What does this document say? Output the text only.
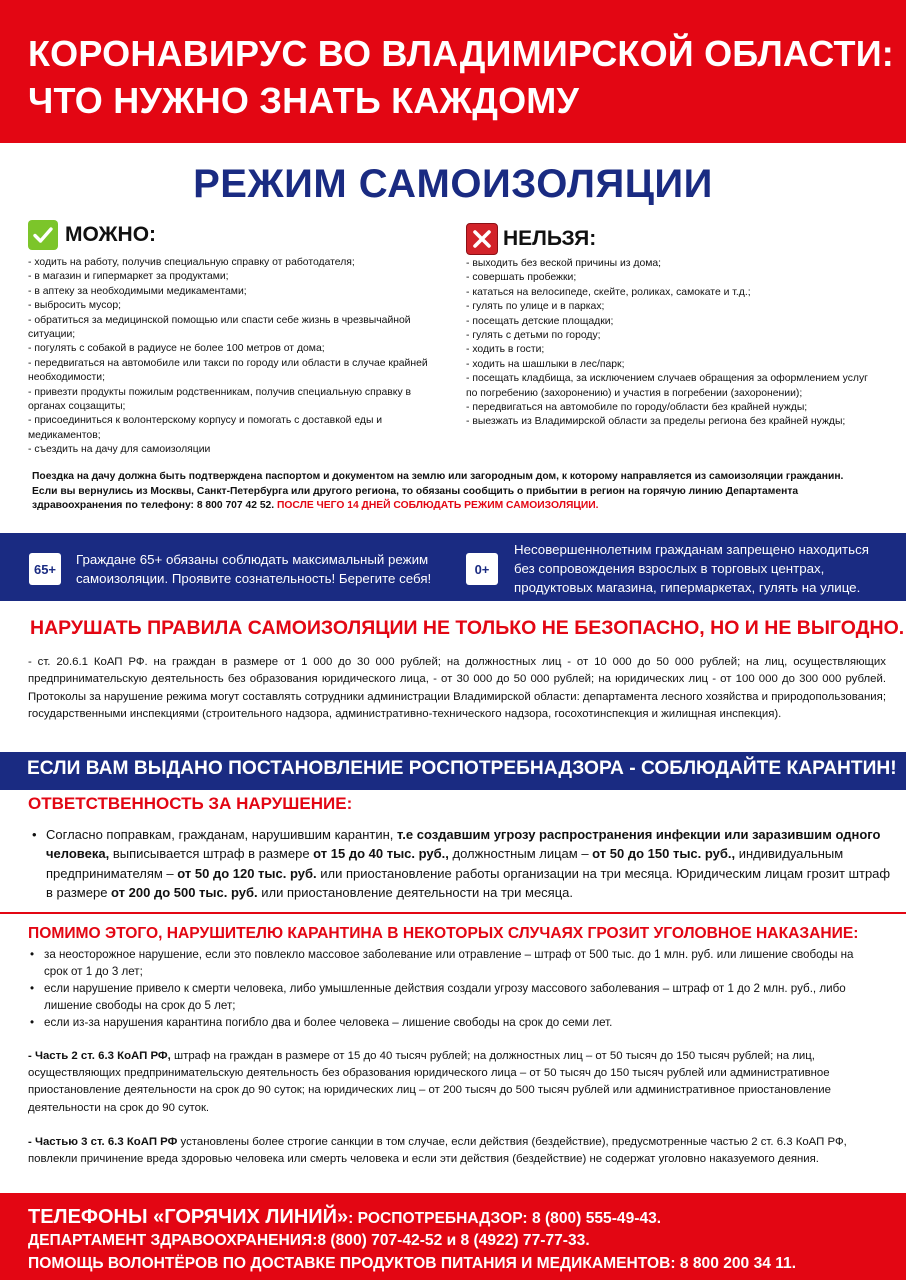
КОРОНАВИРУС ВО ВЛАДИМИРСКОЙ ОБЛАСТИ:
ЧТО НУЖНО ЗНАТЬ КАЖДОМУ
РЕЖИМ САМОИЗОЛЯЦИИ
МОЖНО:
- ходить на работу, получив специальную справку от работодателя;
- в магазин и гипермаркет за продуктами;
- в аптеку за необходимыми медикаментами;
- выбросить мусор;
- обратиться за медицинской помощью или спасти себе жизнь в чрезвычайной
ситуации;
- погулять с собакой в радиусе не более 100 метров от дома;
- передвигаться на автомобиле или такси по городу или области в случае крайней
необходимости;
- привезти продукты пожилым родственникам, получив специальную справку в
органах соцзащиты;
- присоединиться к волонтерскому корпусу и помогать с доставкой еды и
медикаментов;
- съездить на дачу для самоизоляции
НЕЛЬЗЯ:
- выходить без веской причины из дома;
- совершать пробежки;
- кататься на велосипеде, скейте, роликах, самокате и т.д.;
- гулять по улице и в парках;
- посещать детские площадки;
- гулять с детьми по городу;
- ходить в гости;
- ходить на шашлыки в лес/парк;
- посещать кладбища, за исключением случаев обращения за оформлением услуг
по погребению (захоронению) и участия в погребении (захоронении);
- передвигаться на автомобиле по городу/области без крайней нужды;
- выезжать из Владимирской области за пределы региона без крайней нужды;
Поездка на дачу должна быть подтверждена паспортом и документом на землю или загородным дом, к которому направляется из самоизоляции гражданин.
Если вы вернулись из Москвы, Санкт-Петербурга или другого региона, то обязаны сообщить о прибытии в регион на горячую линию Департамента
здравоохранения по телефону: 8 800 707 42 52. ПОСЛЕ ЧЕГО 14 ДНЕЙ СОБЛЮДАТЬ РЕЖИМ САМОИЗОЛЯЦИИ.
65+
Граждане 65+ обязаны соблюдать максимальный режим
самоизоляции. Проявите сознательность! Берегите себя!
0+
Несовершеннолетним гражданам запрещено находиться
без сопровождения взрослых в торговых центрах,
продуктовых магазина, гипермаркетах, гулять на улице.
НАРУШАТЬ ПРАВИЛА САМОИЗОЛЯЦИИ НЕ ТОЛЬКО НЕ БЕЗОПАСНО, НО И НЕ ВЫГОДНО.
- ст. 20.6.1 КоАП РФ. на граждан в размере от 1 000 до 30 000 рублей; на должностных лиц - от 10 000 до 50 000 рублей; на лиц, осуществляющих предпринимательскую деятельность без образования юридического лица, - от 30 000 до 50 000 рублей; на юридических лиц - от 100 000 до 300 000 рублей. Протоколы за нарушение режима могут составлять сотрудники администрации Владимирской области: департамента лесного хозяйства и природопользования; государственными инспекциями (строительного надзора, административно-технического надзора, госохотинспекция и жилищная инспекция).
ЕСЛИ ВАМ ВЫДАНО ПОСТАНОВЛЕНИЕ РОСПОТРЕБНАДЗОРА - СОБЛЮДАЙТЕ КАРАНТИН!
ОТВЕТСТВЕННОСТЬ ЗА НАРУШЕНИЕ:
• Согласно поправкам, гражданам, нарушившим карантин, т.е создавшим угрозу распространения инфекции или заразившим одного человека, выписывается штраф в размере от 15 до 40 тыс. руб., должностным лицам – от 50 до 150 тыс. руб., индивидуальным предпринимателям – от 50 до 120 тыс. руб. или приостановление работы организации на три месяца. Юридическим лицам грозит штраф в размере от 200 до 500 тыс. руб. или приостановление деятельности на три месяца.
ПОМИМО ЭТОГО, НАРУШИТЕЛЮ КАРАНТИНА В НЕКОТОРЫХ СЛУЧАЯХ ГРОЗИТ УГОЛОВНОЕ НАКАЗАНИЕ:
• за неосторожное нарушение, если это повлекло массовое заболевание или отравление – штраф от 500 тыс. до 1 млн. руб. или лишение свободы на срок от 1 до 3 лет;
• если нарушение привело к смерти человека, либо умышленные действия создали угрозу массового заболевания – штраф от 1 до 2 млн. руб., либо лишение свободы на срок до 5 лет;
• если из-за нарушения карантина погибло два и более человека – лишение свободы на срок до семи лет.
- Часть 2 ст. 6.3 КоАП РФ, штраф на граждан в размере от 15 до 40 тысяч рублей; на должностных лиц – от 50 тысяч до 150 тысяч рублей; на лиц, осуществляющих предпринимательскую деятельность без образования юридического лица – от 50 тысяч до 150 тысяч рублей или административное приостановление деятельности на срок до 90 суток; на юридических лиц – от 200 тысяч до 500 тысяч рублей или административное приостановление деятельности на срок до 90 суток.
- Частью 3 ст. 6.3 КоАП РФ установлены более строгие санкции в том случае, если действия (бездействие), предусмотренные частью 2 ст. 6.3 КоАП РФ, повлекли причинение вреда здоровью человека или смерть человека и если эти действия (бездействие) не содержат уголовно наказуемого деяния.
ТЕЛЕФОНЫ «ГОРЯЧИХ ЛИНИЙ»: РОСПОТРЕБНАДЗОР: 8 (800) 555-49-43.
ДЕПАРТАМЕНТ ЗДРАВООХРАНЕНИЯ:8 (800) 707-42-52 и 8 (4922) 77-77-33.
ПОМОЩЬ ВОЛОНТЁРОВ ПО ДОСТАВКЕ ПРОДУКТОВ ПИТАНИЯ И МЕДИКАМЕНТОВ: 8 800 200 34 11.
